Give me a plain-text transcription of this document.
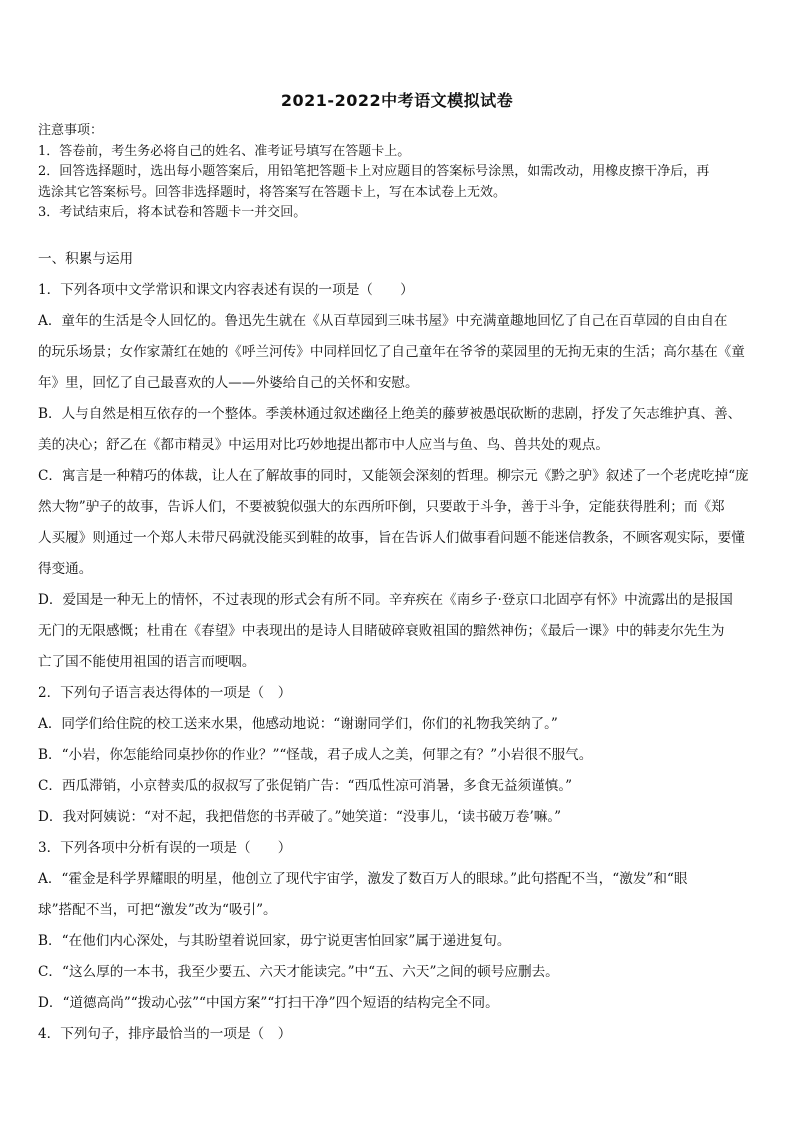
2021-2022中考语文模拟试卷
注意事项：
1．答卷前，考生务必将自己的姓名、准考证号填写在答题卡上。
2．回答选择题时，选出每小题答案后，用铅笔把答题卡上对应题目的答案标号涂黑，如需改动，用橡皮擦干净后，再
选涂其它答案标号。回答非选择题时，将答案写在答题卡上，写在本试卷上无效。
3．考试结束后，将本试卷和答题卡一并交回。
一、积累与运用
1．下列各项中文学常识和课文内容表述有误的一项是（　　）
A．童年的生活是令人回忆的。鲁迅先生就在《从百草园到三味书屋》中充满童趣地回忆了自己在百草园的自由自在
的玩乐场景；女作家萧红在她的《呼兰河传》中同样回忆了自己童年在爷爷的菜园里的无拘无束的生活；高尔基在《童
年》里，回忆了自己最喜欢的人——外婆给自己的关怀和安慰。
B．人与自然是相互依存的一个整体。季羡林通过叙述幽径上绝美的藤萝被愚氓砍断的悲剧，抒发了矢志维护真、善、
美的决心；舒乙在《都市精灵》中运用对比巧妙地提出都市中人应当与鱼、鸟、兽共处的观点。
C．寓言是一种精巧的体裁，让人在了解故事的同时，又能领会深刻的哲理。柳宗元《黔之驴》叙述了一个老虎吃掉“庞
然大物”驴子的故事，告诉人们，不要被貌似强大的东西所吓倒，只要敢于斗争，善于斗争，定能获得胜利；而《郑
人买履》则通过一个郑人未带尺码就没能买到鞋的故事，旨在告诉人们做事看问题不能迷信教条，不顾客观实际，要懂
得变通。
D．爱国是一种无上的情怀，不过表现的形式会有所不同。辛弃疾在《南乡子·登京口北固亭有怀》中流露出的是报国
无门的无限感慨；杜甫在《春望》中表现出的是诗人目睹破碎衰败祖国的黯然神伤；《最后一课》中的韩麦尔先生为
亡了国不能使用祖国的语言而哽咽。
2．下列句子语言表达得体的一项是（　）
A．同学们给住院的校工送来水果，他感动地说：“谢谢同学们，你们的礼物我笑纳了。”
B．“小岩，你怎能给同桌抄你的作业？”“怪哉，君子成人之美，何罪之有？”小岩很不服气。
C．西瓜滞销，小京替卖瓜的叔叔写了张促销广告：“西瓜性凉可消暑，多食无益须谨慎。”
D．我对阿姨说：“对不起，我把借您的书弄破了。”她笑道：“没事儿，‘读书破万卷’嘛。”
3．下列各项中分析有误的一项是（　　）
A．“霍金是科学界耀眼的明星，他创立了现代宇宙学，激发了数百万人的眼球。”此句搭配不当，“激发”和“眼
球”搭配不当，可把“激发”改为“吸引”。
B．“在他们内心深处，与其盼望着说回家，毋宁说更害怕回家”属于递进复句。
C．“这么厚的一本书，我至少要五、六天才能读完。”中“五、六天”之间的顿号应删去。
D．“道德高尚”“拨动心弦”“中国方案”“打扫干净”四个短语的结构完全不同。
4．下列句子，排序最恰当的一项是（　）
